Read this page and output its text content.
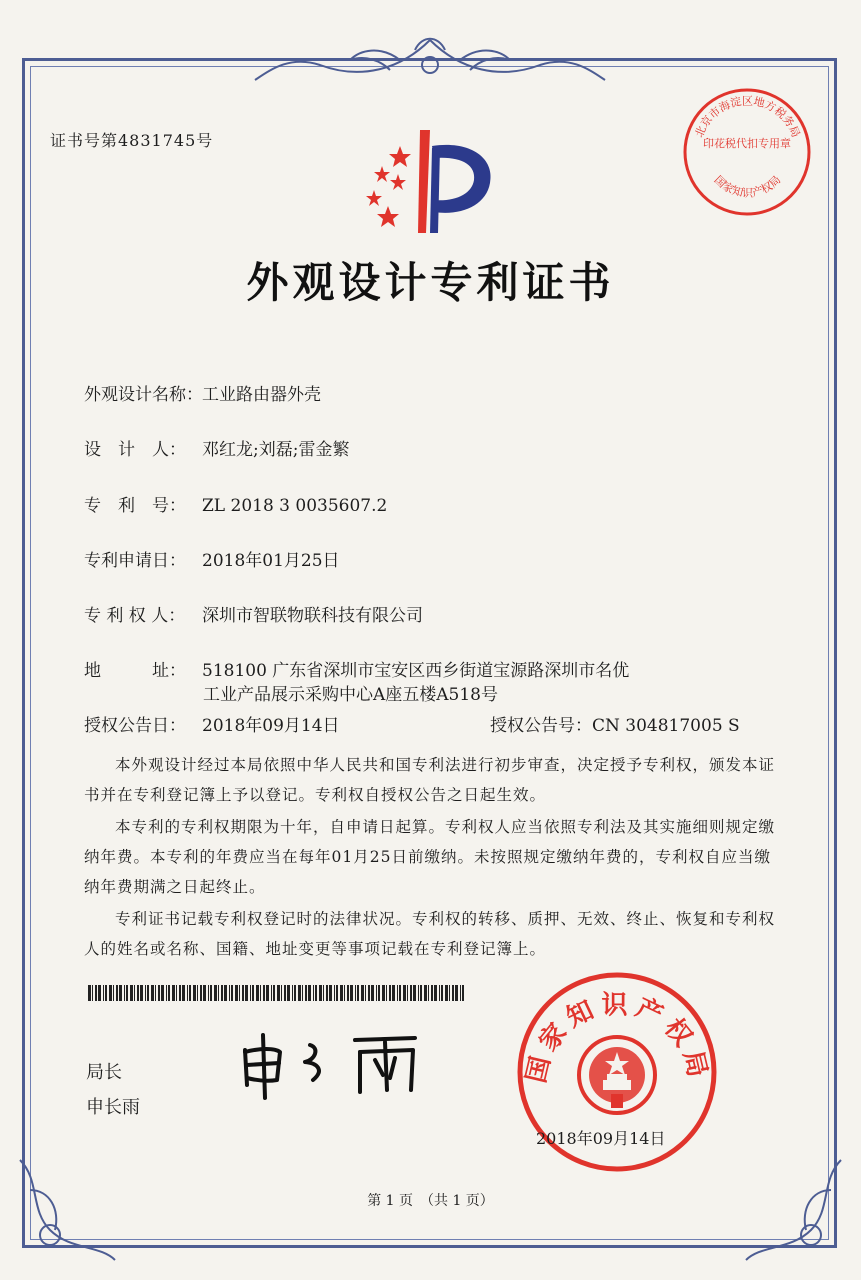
证书号第4831745号	北京市海淀区地方税务局
印花税代扣专用章
国家知识产权局
外观设计专利证书
外观设计名称：工业路由器外壳
设　计　人： 邓红龙;刘磊;雷金繁
专　利　号： ZL 2018 3 0035607.2
专利申请日： 2018年01月25日
专 利 权 人： 深圳市智联物联科技有限公司
地　　　址： 518100 广东省深圳市宝安区西乡街道宝源路深圳市名优
工业产品展示采购中心A座五楼A518号
授权公告日： 2018年09月14日	授权公告号：CN 304817005 S
本外观设计经过本局依照中华人民共和国专利法进行初步审查，决定授予专利权，颁发本证书并在专利登记簿上予以登记。专利权自授权公告之日起生效。
本专利的专利权期限为十年，自申请日起算。专利权人应当依照专利法及其实施细则规定缴纳年费。本专利的年费应当在每年01月25日前缴纳。未按照规定缴纳年费的，专利权自应当缴纳年费期满之日起终止。
专利证书记载专利权登记时的法律状况。专利权的转移、质押、无效、终止、恢复和专利权人的姓名或名称、国籍、地址变更等事项记载在专利登记簿上。
局长
申长雨
国家知识产权局
2018年09月14日
第 1 页　（共 1 页）
